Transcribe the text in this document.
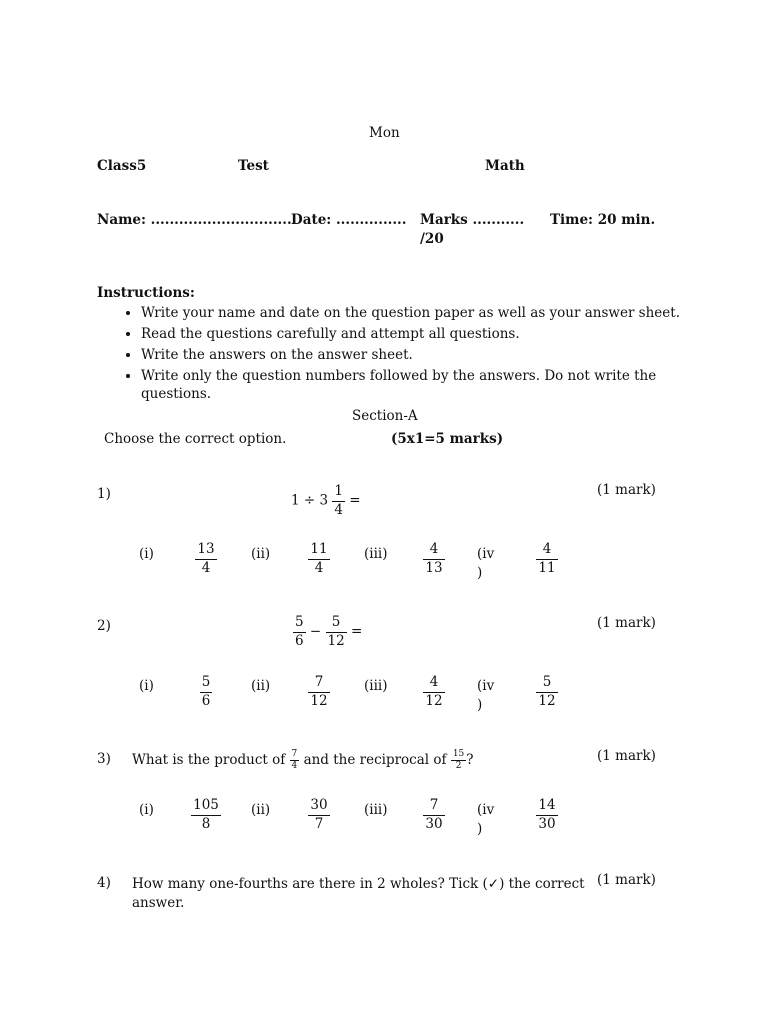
Mon
Class5	Test	Math
Name: ...............................
Date: ............... Marks ...........
/20
Time: 20 min.
Instructions:
• Write your name and date on the question paper as well as your answer sheet.
• Read the questions carefully and attempt all questions.
• Write the answers on the answer sheet.
• Write only the question numbers followed by the answers. Do not write the questions.
Section-A
Choose the correct option.	(5x1=5 marks)
1)	(1 mark)
$1 \div 3 \frac{1}{4}$ =
(i)	$\frac{13}{4}$	(ii)	$\frac{11}{4}$	(iii)	$\frac{4}{13} (iv$
)	$\frac{4}{11}$
2)	(1 mark)
$\frac{5}{6} - \frac{5}{12}$ =
(i)	$\frac{5}{6}$	(ii)	$\frac{7}{12}$	(iii)	$\frac{4}{12} (iv$
)	$\frac{5}{12}$
3)	(1 mark)
What is the product of $\frac{7}{4}$ and the reciprocal of $\frac{15}{2}$ ?
(i)	$\frac{105}{8} (ii)$	$\frac{30}{7}$	(iii)	$\frac{7}{30} (iv$
)	$\frac{14}{30}$
4)	(1 mark)
How many one-fourths are there in 2 wholes? Tick (✓) the correct
answer.
